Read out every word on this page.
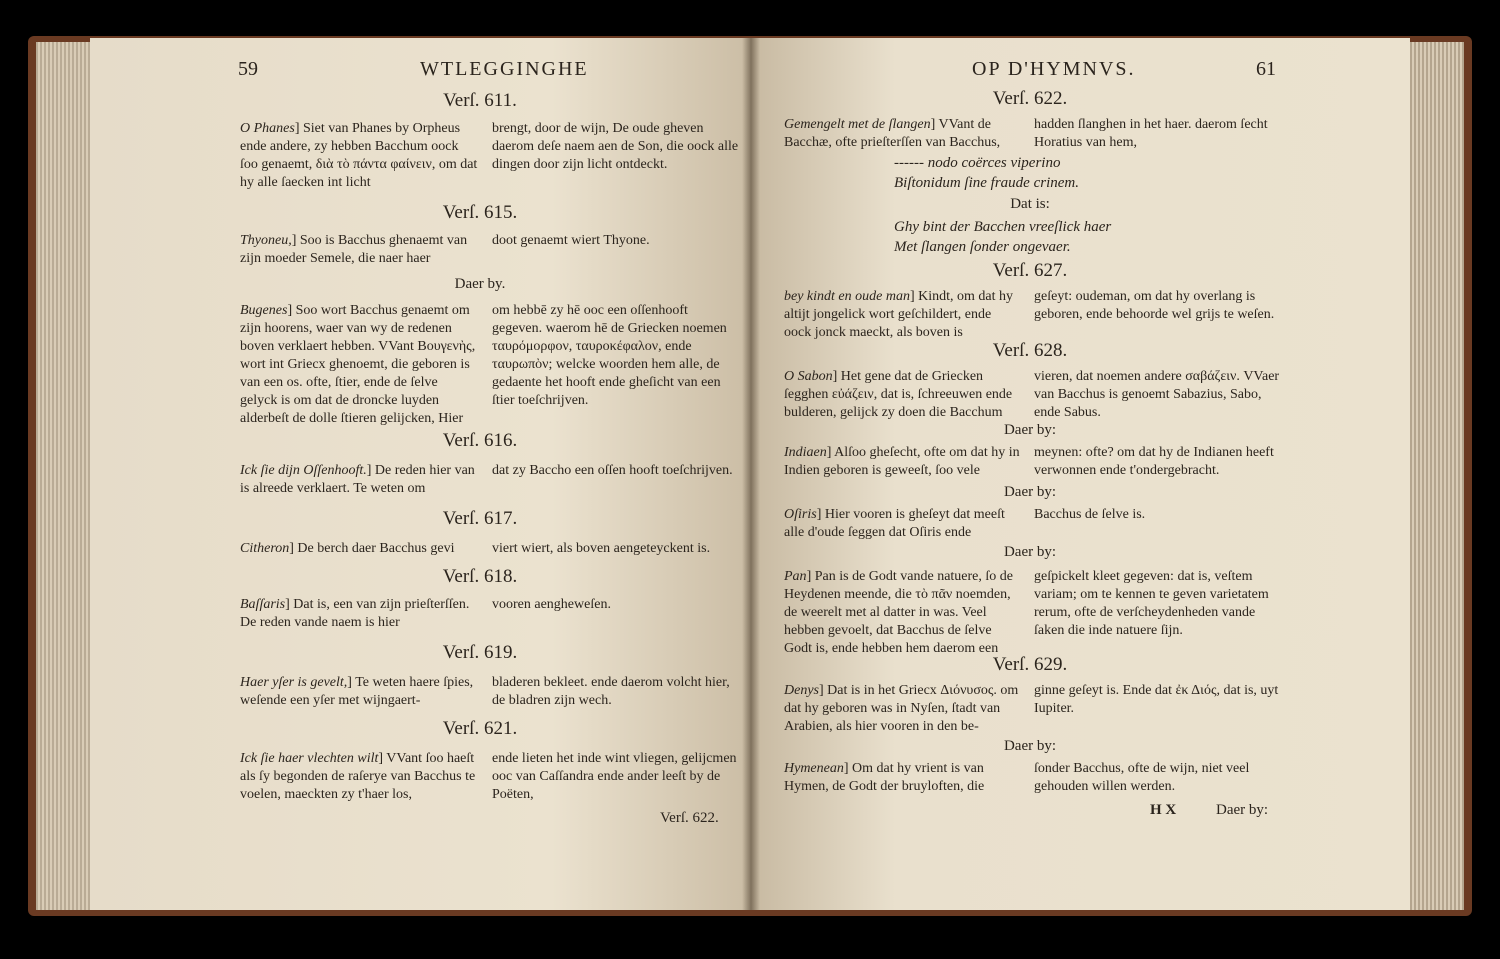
59	WTLEGGINGHE
Verſ. 611.
O Phanes] Siet van Phanes by Orpheus ende andere, zy hebben Bacchum oock ſoo genaemt, διὰ τὸ πάντα φαίνειν, om dat hy alle ſaecken int licht
brengt, door de wijn, De oude gheven daerom deſe naem aen de Son, die oock alle dingen door zijn licht ontdeckt.
Verſ. 615.
Thyoneu,] Soo is Bacchus ghenaemt van zijn moeder Semele, die naer haer
doot genaemt wiert Thyone.
Daer by.
Bugenes] Soo wort Bacchus genaemt om zijn hoorens, waer van wy de redenen boven verklaert hebben. VVant Βουγενὴς, wort int Griecx ghenoemt, die geboren is van een os. ofte, ſtier, ende de ſelve gelyck is om dat de droncke luyden alderbeſt de dolle ſtieren gelijcken, Hier
om hebbē zy hē ooc een oſſenhooft gegeven. waerom hē de Griecken noemen ταυρόμορφον, ταυροκέφαλον, ende ταυρωπὸν; welcke woorden hem alle, de gedaente het hooft ende gheſicht van een ſtier toeſchrijven.
Verſ. 616.
Ick ſie dijn Oſſenhooft.] De reden hier van is alreede verklaert. Te weten om
dat zy Baccho een oſſen hooft toeſchrijven.
Verſ. 617.
Citheron] De berch daer Bacchus gevi	viert wiert, als boven aengeteyckent is.
Verſ. 618.
Baſſaris] Dat is, een van zijn prieſterſſen. De reden vande naem is hier
vooren aengheweſen.
Verſ. 619.
Haer yſer is gevelt,] Te weten haere ſpies, weſende een yſer met wijngaert-
bladeren bekleet. ende daerom volcht hier, de bladren zijn wech.
Verſ. 621.
Ick ſie haer vlechten wilt] VVant ſoo haeſt als ſy begonden de raſerye van Bacchus te voelen, maeckten zy t'haer los,
ende lieten het inde wint vliegen, gelijcmen ooc van Caſſandra ende ander leeſt by de Poëten,
Verſ. 622.
OP D'HYMNVS.	61
Verſ. 622.
Gemengelt met de ſlangen] VVant de Bacchæ, ofte prieſterſſen van Bacchus,
hadden ſlanghen in het haer. daerom ſecht Horatius van hem,
------ nodo coërces viperino
Biſtonidum ſine fraude crinem.
Dat is:
Ghy bint der Bacchen vreeſlick haer
Met ſlangen ſonder ongevaer.
Verſ. 627.
bey kindt en oude man] Kindt, om dat hy altijt jongelick wort geſchildert, ende oock jonck maeckt, als boven is
geſeyt: oudeman, om dat hy overlang is geboren, ende behoorde wel grijs te weſen.
Verſ. 628.
O Sabon] Het gene dat de Griecken ſegghen εὐάζειν, dat is, ſchreeuwen ende bulderen, gelijck zy doen die Bacchum
vieren, dat noemen andere σαβάζειν. VVaer van Bacchus is genoemt Sabazius, Sabo, ende Sabus.
Daer by:
Indiaen] Alſoo gheſecht, ofte om dat hy in Indien geboren is geweeſt, ſoo vele
meynen: ofte? om dat hy de Indianen heeft verwonnen ende t'ondergebracht.
Daer by:
Oſiris] Hier vooren is gheſeyt dat meeſt alle d'oude ſeggen dat Oſiris ende
Bacchus de ſelve is.
Daer by:
Pan] Pan is de Godt vande natuere, ſo de Heydenen meende, die τὸ πᾶν noemden, de weerelt met al datter in was. Veel hebben gevoelt, dat Bacchus de ſelve Godt is, ende hebben hem daerom een
geſpickelt kleet gegeven: dat is, veſtem variam; om te kennen te geven varietatem rerum, ofte de verſcheydenheden vande ſaken die inde natuere ſijn.
Verſ. 629.
Denys] Dat is in het Griecx Διόνυσος. om dat hy geboren was in Nyſen, ſtadt van Arabien, als hier vooren in den be-
ginne geſeyt is. Ende dat ἐκ Διός, dat is, uyt Iupiter.
Daer by:
Hymenean] Om dat hy vrient is van Hymen, de Godt der bruyloften, die
ſonder Bacchus, ofte de wijn, niet veel gehouden willen werden.
H X	Daer by:
